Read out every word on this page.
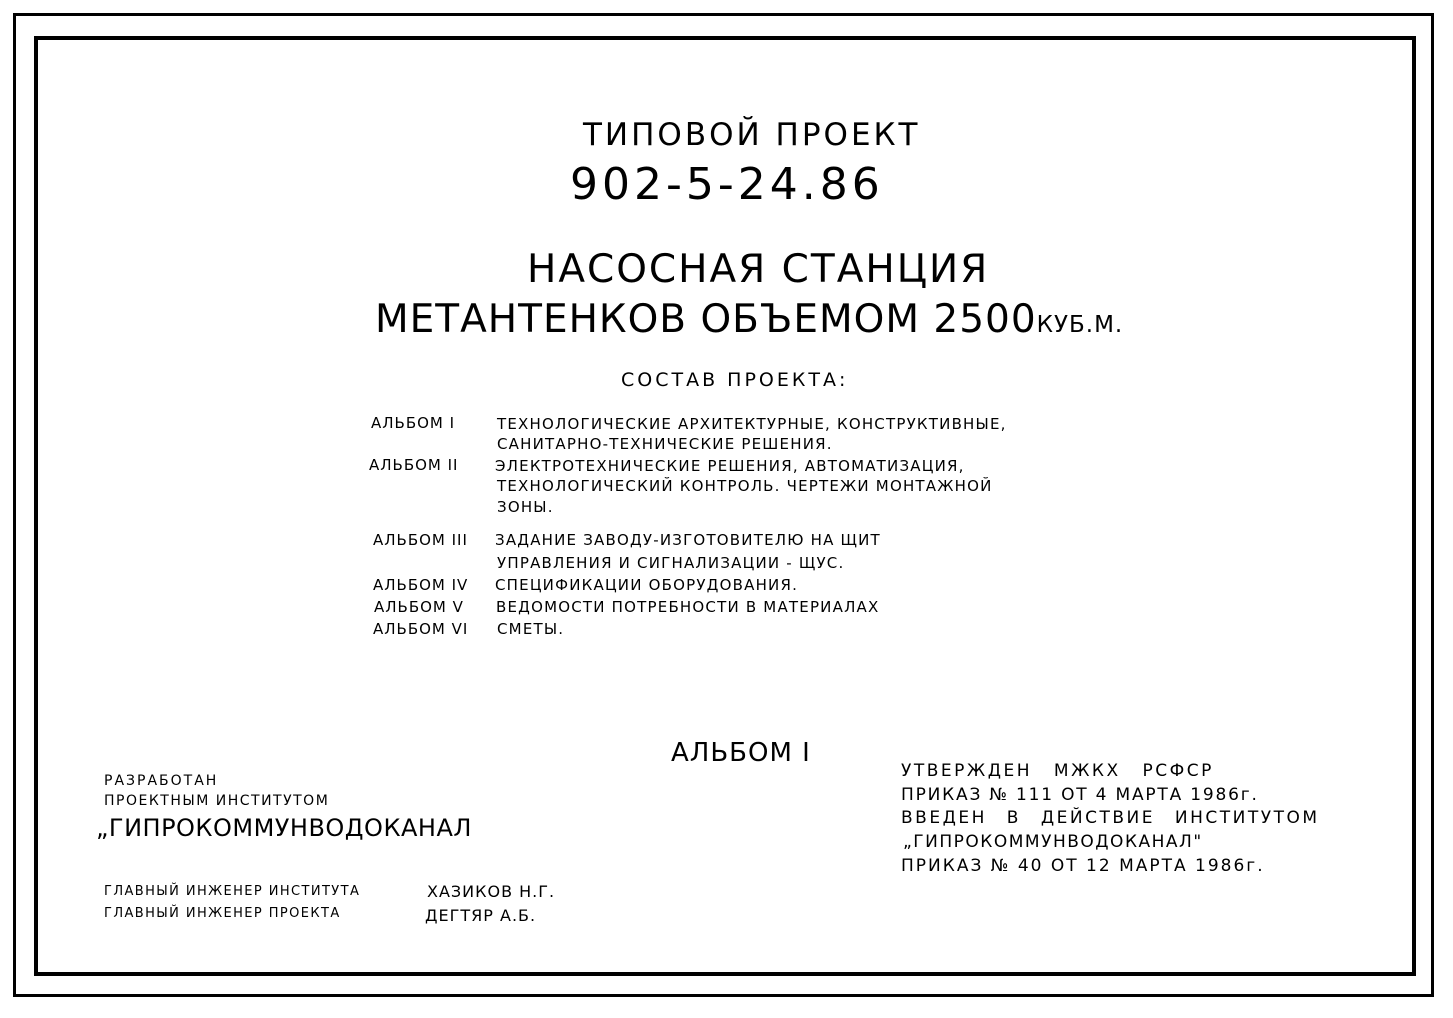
ТИПОВОЙ ПРОЕКТ
902-5-24.86
НАСОСНАЯ СТАНЦИЯ
МЕТАНТЕНКОВ ОБЪЕМОМ 2500КУБ.М.
СОСТАВ ПРОЕКТА:
АЛЬБОМ I	ТЕХНОЛОГИЧЕСКИЕ АРХИТЕКТУРНЫЕ, КОНСТРУКТИВНЫЕ,
САНИТАРНО-ТЕХНИЧЕСКИЕ РЕШЕНИЯ.
АЛЬБОМ II ЭЛЕКТРОТЕХНИЧЕСКИЕ РЕШЕНИЯ, АВТОМАТИЗАЦИЯ,
ТЕХНОЛОГИЧЕСКИЙ КОНТРОЛЬ. ЧЕРТЕЖИ МОНТАЖНОЙ
ЗОНЫ.
АЛЬБОМ III ЗАДАНИЕ ЗАВОДУ-ИЗГОТОВИТЕЛЮ НА ЩИТ
УПРАВЛЕНИЯ И СИГНАЛИЗАЦИИ - ЩУС.
АЛЬБОМ IV СПЕЦИФИКАЦИИ ОБОРУДОВАНИЯ.
АЛЬБОМ V ВЕДОМОСТИ ПОТРЕБНОСТИ В МАТЕРИАЛАХ
АЛЬБОМ VI СМЕТЫ.
АЛЬБОМ I
РАЗРАБОТАН
ПРОЕКТНЫМ ИНСТИТУТОМ
„ГИПРОКОММУНВОДОКАНАЛ
ГЛАВНЫЙ ИНЖЕНЕР ИНСТИТУТА	ХАЗИКОВ Н.Г.
ГЛАВНЫЙ ИНЖЕНЕР ПРОЕКТА	ДЕГТЯР А.Б.
УТВЕРЖДЕН МЖКХ РСФСР
ПРИКАЗ № 111 ОТ 4 МАРТА 1986г.
ВВЕДЕН В ДЕЙСТВИЕ ИНСТИТУТОМ
„ГИПРОКОММУНВОДОКАНАЛ"
ПРИКАЗ № 40 ОТ 12 МАРТА 1986г.
